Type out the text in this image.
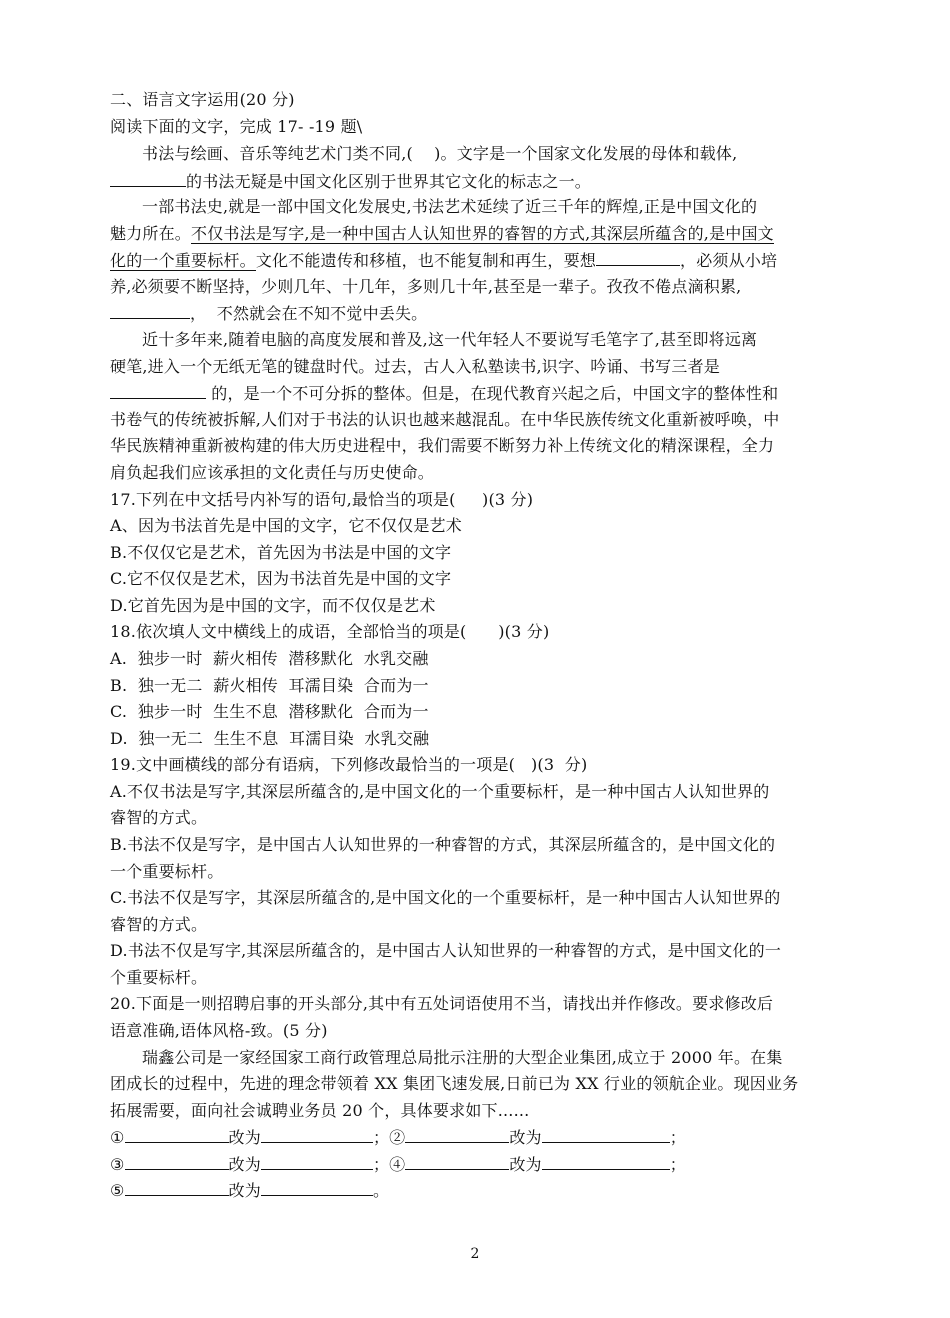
二、语言文字运用(20 分)
阅读下面的文字，完成 17- -19 题\
书法与绘画、音乐等纯艺术门类不同,(    )。文字是一个国家文化发展的母体和载体,
的书法无疑是中国文化区别于世界其它文化的标志之一。
一部书法史,就是一部中国文化发展史,书法艺术延续了近三千年的辉煌,正是中国文化的
魅力所在。不仅书法是写字,是一种中国古人认知世界的睿智的方式,其深层所蕴含的,是中国文
化的一个重要标杆。文化不能遗传和移植，也不能复制和再生，要想	，必须从小培
养,必须要不断坚持，少则几年、十几年，多则几十年,甚至是一辈子。孜孜不倦点滴积累,
，  不然就会在不知不觉中丢失。
近十多年来,随着电脑的高度发展和普及,这一代年轻人不要说写毛笔字了,甚至即将远离
硬笔,进入一个无纸无笔的键盘时代。过去，古人入私塾读书,识字、吟诵、书写三者是
的，是一个不可分拆的整体。但是，在现代教育兴起之后，中国文字的整体性和
书卷气的传统被拆解,人们对于书法的认识也越来越混乱。在中华民族传统文化重新被呼唤，中
华民族精神重新被构建的伟大历史进程中，我们需要不断努力补上传统文化的精深课程，全力
肩负起我们应该承担的文化责任与历史使命。
17.下列在中文括号内补写的语句,最恰当的项是(     )(3 分)
A、因为书法首先是中国的文字，它不仅仅是艺术
B.不仅仅它是艺术，首先因为书法是中国的文字
C.它不仅仅是艺术，因为书法首先是中国的文字
D.它首先因为是中国的文字，而不仅仅是艺术
18.依次填人文中横线上的成语，全部恰当的项是(      )(3 分)
A.  独步一时  薪火相传  潜移默化  水乳交融
B.  独一无二  薪火相传  耳濡目染  合而为一
C.  独步一时  生生不息  潜移默化  合而为一
D.  独一无二  生生不息  耳濡目染  水乳交融
19.文中画横线的部分有语病，下列修改最恰当的一项是(   )(3  分)
A.不仅书法是写字,其深层所蕴含的,是中国文化的一个重要标杆，是一种中国古人认知世界的
睿智的方式。
B.书法不仅是写字，是中国古人认知世界的一种睿智的方式，其深层所蕴含的，是中国文化的
一个重要标杆。
C.书法不仅是写字，其深层所蕴含的,是中国文化的一个重要标杆，是一种中国古人认知世界的
睿智的方式。
D.书法不仅是写字,其深层所蕴含的，是中国古人认知世界的一种睿智的方式，是中国文化的一
个重要标杆。
20.下面是一则招聘启事的开头部分,其中有五处词语使用不当，请找出并作修改。要求修改后
语意准确,语体风格-致。(5 分)
瑞鑫公司是一家经国家工商行政管理总局批示注册的大型企业集团,成立于 2000 年。在集
团成长的过程中，先进的理念带领着 XX 集团飞速发展,日前已为 XX 行业的领航企业。现因业务
拓展需要，面向社会诚聘业务员 20 个，具体要求如下......
①	改为	；②	改为	；
③	改为	；④	改为	；
⑤	改为	。
2
